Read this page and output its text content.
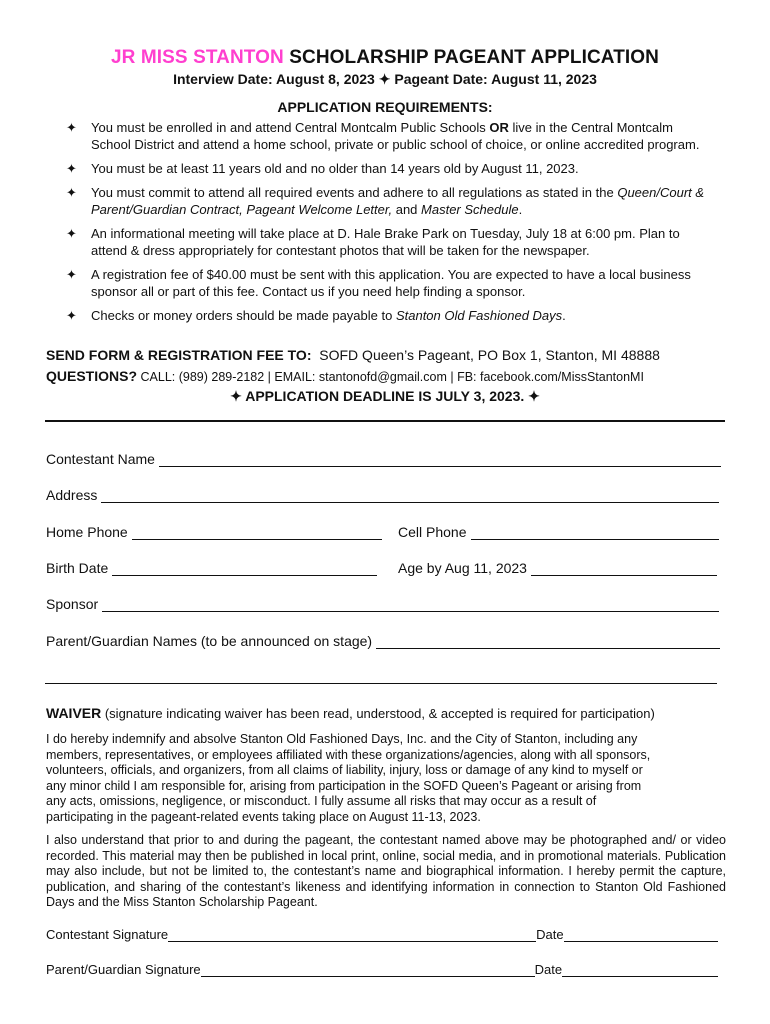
JR MISS STANTON SCHOLARSHIP PAGEANT APPLICATION
Interview Date: August 8, 2023 ✦ Pageant Date: August 11, 2023
APPLICATION REQUIREMENTS:
✦ You must be enrolled in and attend Central Montcalm Public Schools OR live in the Central Montcalm School District and attend a home school, private or public school of choice, or online accredited program.
✦ You must be at least 11 years old and no older than 14 years old by August 11, 2023.
✦ You must commit to attend all required events and adhere to all regulations as stated in the Queen/Court & Parent/Guardian Contract, Pageant Welcome Letter, and Master Schedule.
✦ An informational meeting will take place at D. Hale Brake Park on Tuesday, July 18 at 6:00 pm. Plan to attend & dress appropriately for contestant photos that will be taken for the newspaper.
✦ A registration fee of $40.00 must be sent with this application. You are expected to have a local business sponsor all or part of this fee. Contact us if you need help finding a sponsor.
✦ Checks or money orders should be made payable to Stanton Old Fashioned Days.
SEND FORM & REGISTRATION FEE TO: SOFD Queen’s Pageant, PO Box 1, Stanton, MI 48888
QUESTIONS? CALL: (989) 289-2182 | EMAIL: stantonofd@gmail.com | FB: facebook.com/MissStantonMI
✦ APPLICATION DEADLINE IS JULY 3, 2023. ✦
Contestant Name
Address
Home Phone	Cell Phone
Birth Date	Age by Aug 11, 2023
Sponsor
Parent/Guardian Names (to be announced on stage)
WAIVER (signature indicating waiver has been read, understood, & accepted is required for participation)
I do hereby indemnify and absolve Stanton Old Fashioned Days, Inc. and the City of Stanton, including any
members, representatives, or employees affiliated with these organizations/agencies, along with all sponsors,
volunteers, officials, and organizers, from all claims of liability, injury, loss or damage of any kind to myself or
any minor child I am responsible for, arising from participation in the SOFD Queen’s Pageant or arising from
any acts, omissions, negligence, or misconduct. I fully assume all risks that may occur as a result of
participating in the pageant-related events taking place on August 11-13, 2023.
I also understand that prior to and during the pageant, the contestant named above may be photographed and/ or video recorded. This material may then be published in local print, online, social media, and in promotional materials. Publication may also include, but not be limited to, the contestant’s name and biographical information. I hereby permit the capture, publication, and sharing of the contestant’s likeness and identifying information in connection to Stanton Old Fashioned Days and the Miss Stanton Scholarship Pageant.
Contestant Signature	Date
Parent/Guardian Signature	Date
